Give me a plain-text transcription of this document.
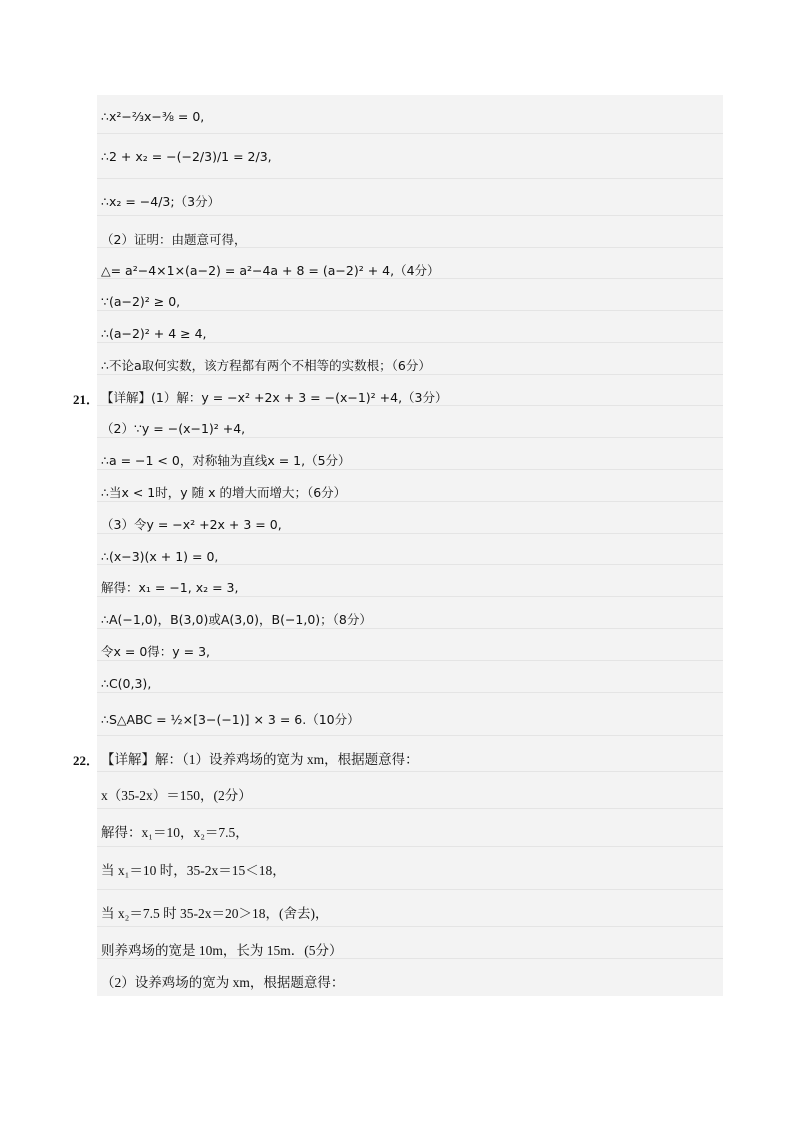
∴x²−⅔x−⅜ = 0,
∴2 + x₂ = −(−2/3)/1 = 2/3,
∴x₂ = −4/3;（3分）
（2）证明：由题意可得，
△= a²−4×1×(a−2) = a²−4a + 8 = (a−2)² + 4,（4分）
∵(a−2)² ≥ 0,
∴(a−2)² + 4 ≥ 4,
∴不论a取何实数，该方程都有两个不相等的实数根；（6分）
【详解】(1）解：y = −x² +2x + 3 = −(x−1)² +4,（3分）
（2）∵y = −(x−1)² +4,
∴a = −1 < 0，对称轴为直线x = 1,（5分）
∴当x < 1时，y 随 x 的增大而增大；（6分）
（3）令y = −x² +2x + 3 = 0,
∴(x−3)(x + 1) = 0,
解得：x₁ = −1, x₂ = 3,
∴A(−1,0)，B(3,0)或A(3,0)，B(−1,0)；（8分）
令x = 0得：y = 3,
∴C(0,3),
∴S△ABC = ½×[3−(−1)] × 3 = 6.（10分）
【详解】解：（1）设养鸡场的宽为 xm，根据题意得：
x（35-2x）＝150，(2分）
解得：x₁＝10，x₂＝7.5，
当 x₁＝10 时，35-2x＝15＜18，
当 x₂＝7.5 时 35-2x＝20＞18，(舍去)，
则养鸡场的宽是 10m，长为 15m．(5分）
（2）设养鸡场的宽为 xm，根据题意得：
21．
22．
